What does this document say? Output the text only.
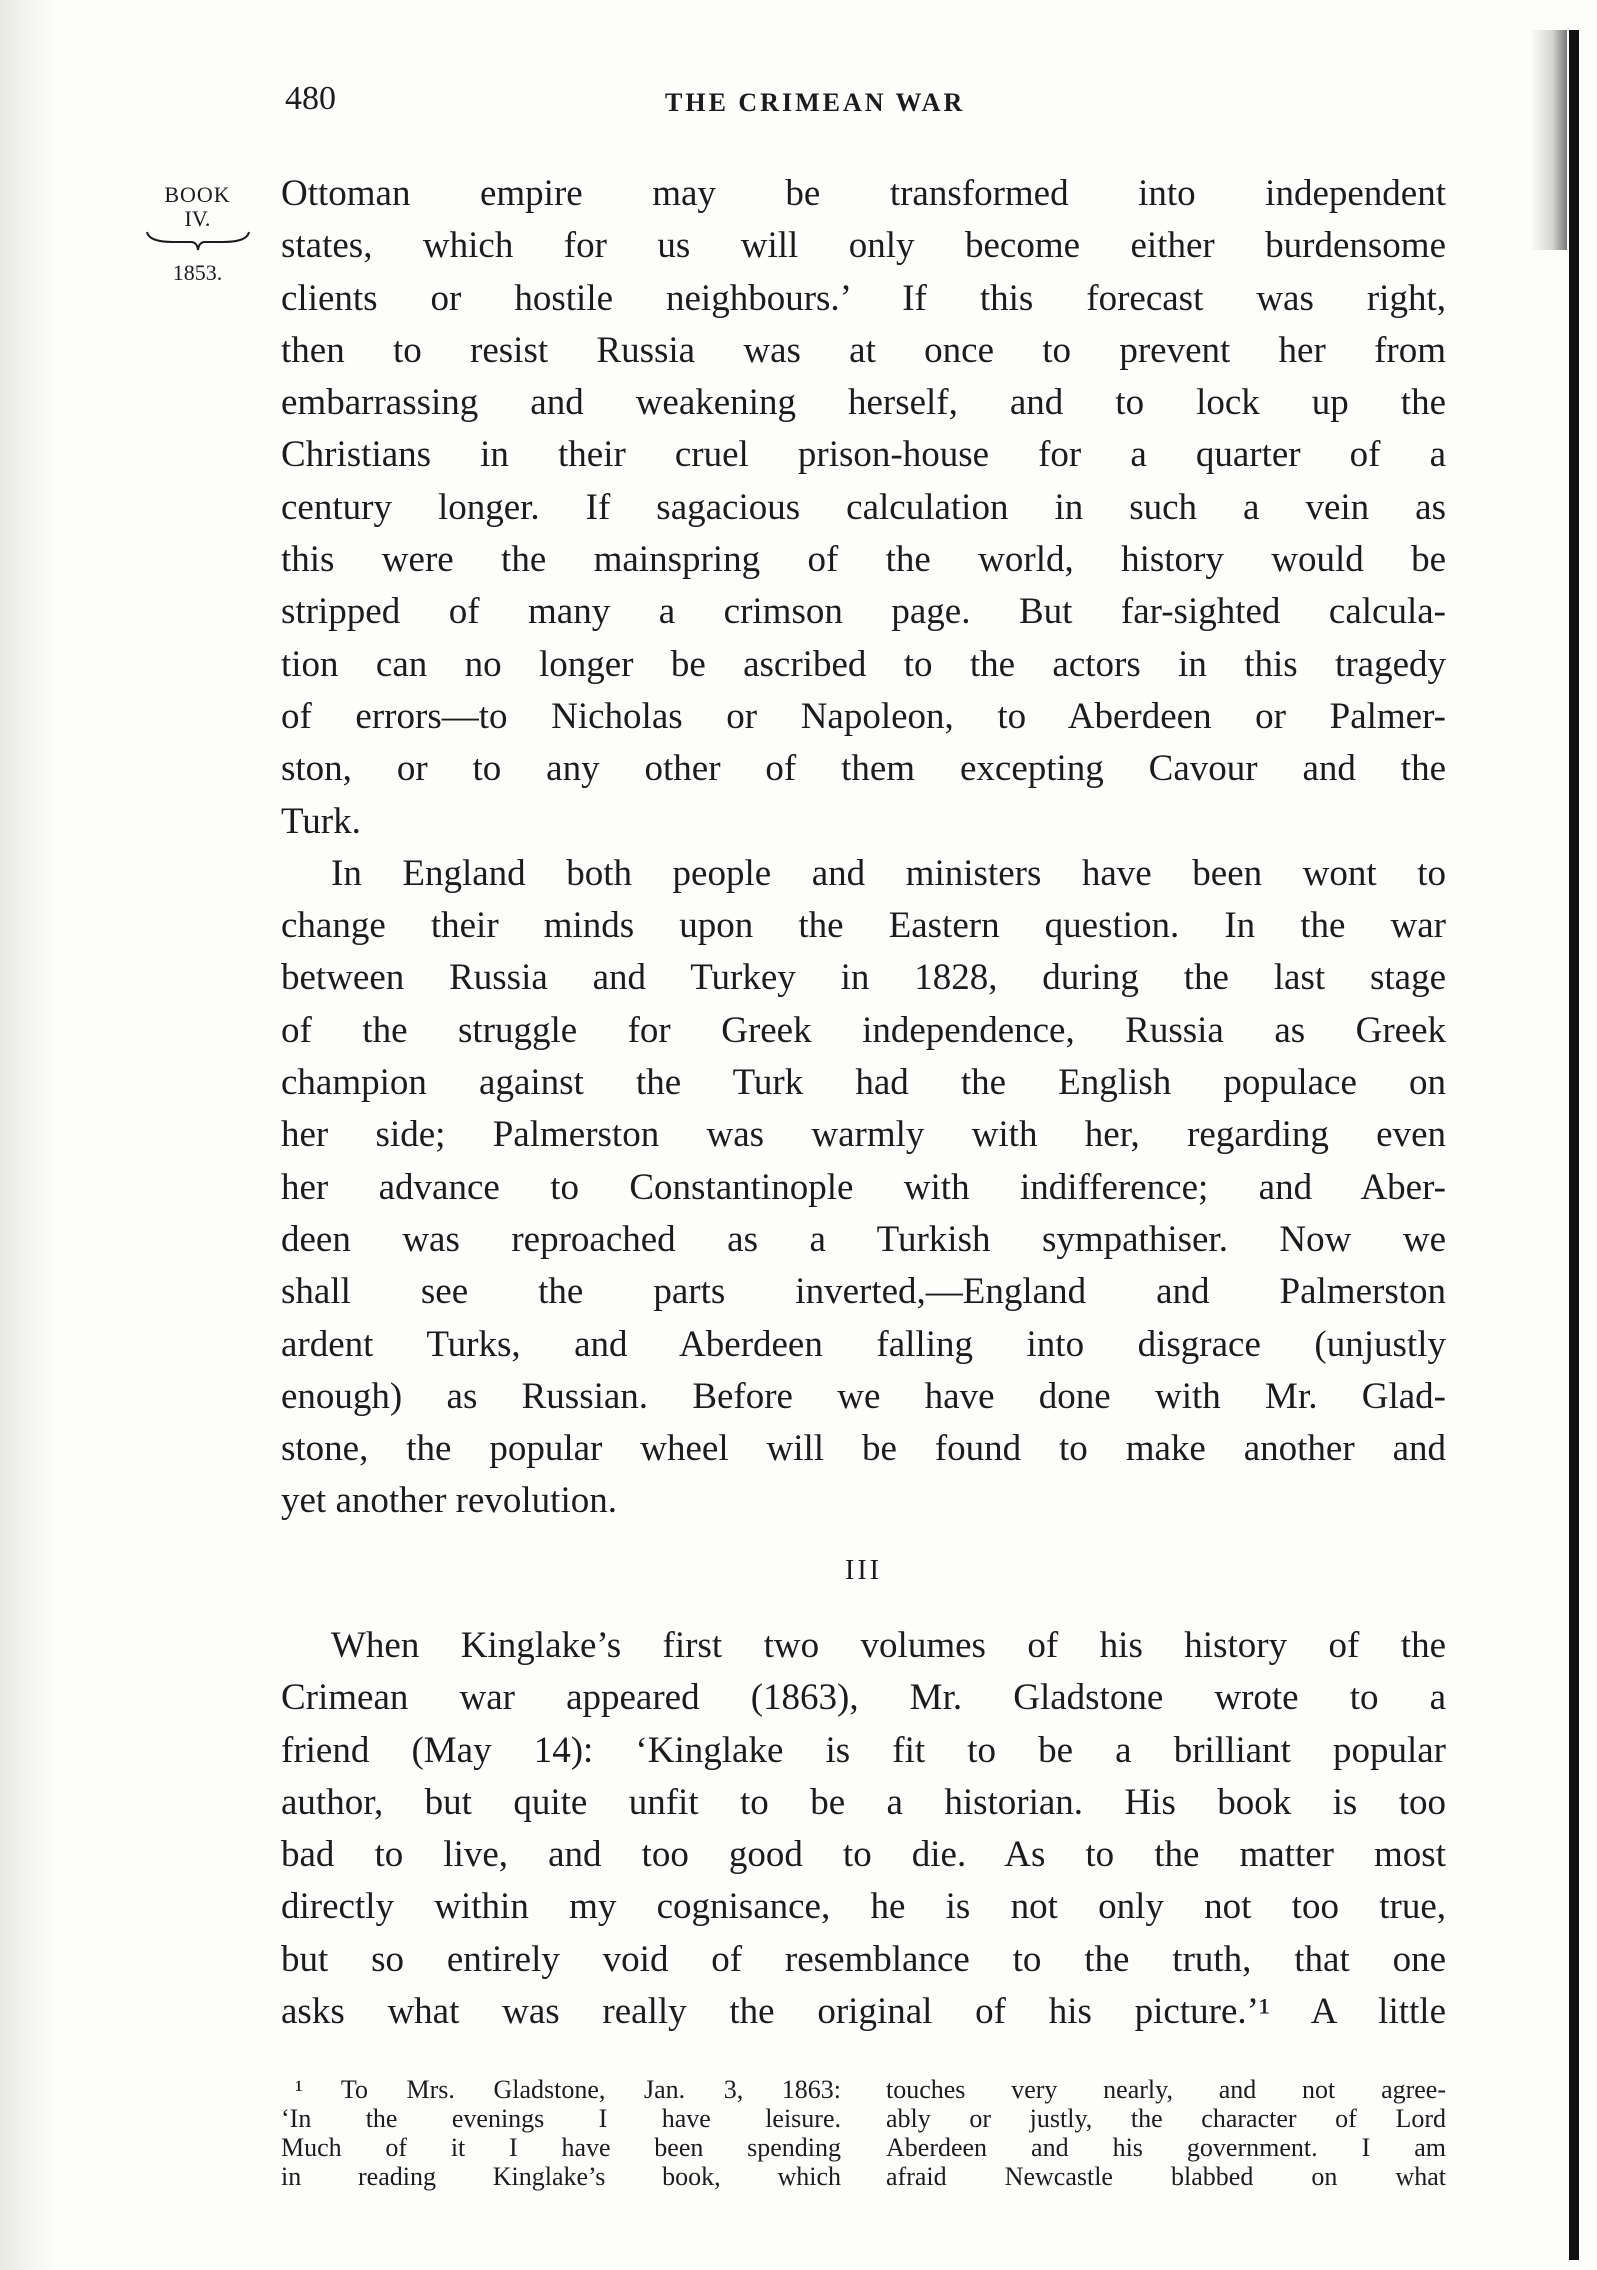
480	THE CRIMEAN WAR
BOOK
IV.
1853.
Ottoman empire may be transformed into independent
states, which for us will only become either burdensome
clients or hostile neighbours.’ If this forecast was right,
then to resist Russia was at once to prevent her from
embarrassing and weakening herself, and to lock up the
Christians in their cruel prison-house for a quarter of a
century longer. If sagacious calculation in such a vein as
this were the mainspring of the world, history would be
stripped of many a crimson page. But far-sighted calcula-
tion can no longer be ascribed to the actors in this tragedy
of errors—to Nicholas or Napoleon, to Aberdeen or Palmer-
ston, or to any other of them excepting Cavour and the
Turk.
In England both people and ministers have been wont to
change their minds upon the Eastern question. In the war
between Russia and Turkey in 1828, during the last stage
of the struggle for Greek independence, Russia as Greek
champion against the Turk had the English populace on
her side; Palmerston was warmly with her, regarding even
her advance to Constantinople with indifference; and Aber-
deen was reproached as a Turkish sympathiser. Now we
shall see the parts inverted,—England and Palmerston
ardent Turks, and Aberdeen falling into disgrace (unjustly
enough) as Russian. Before we have done with Mr. Glad-
stone, the popular wheel will be found to make another and
yet another revolution.
III
When Kinglake’s first two volumes of his history of the
Crimean war appeared (1863), Mr. Gladstone wrote to a
friend (May 14): ‘Kinglake is fit to be a brilliant popular
author, but quite unfit to be a historian. His book is too
bad to live, and too good to die. As to the matter most
directly within my cognisance, he is not only not too true,
but so entirely void of resemblance to the truth, that one
asks what was really the original of his picture.’¹ A little
¹ To Mrs. Gladstone, Jan. 3, 1863:
‘In the evenings I have leisure.
Much of it I have been spending
in reading Kinglake’s book, which
touches very nearly, and not agree-
ably or justly, the character of Lord
Aberdeen and his government. I am
afraid Newcastle blabbed on what
